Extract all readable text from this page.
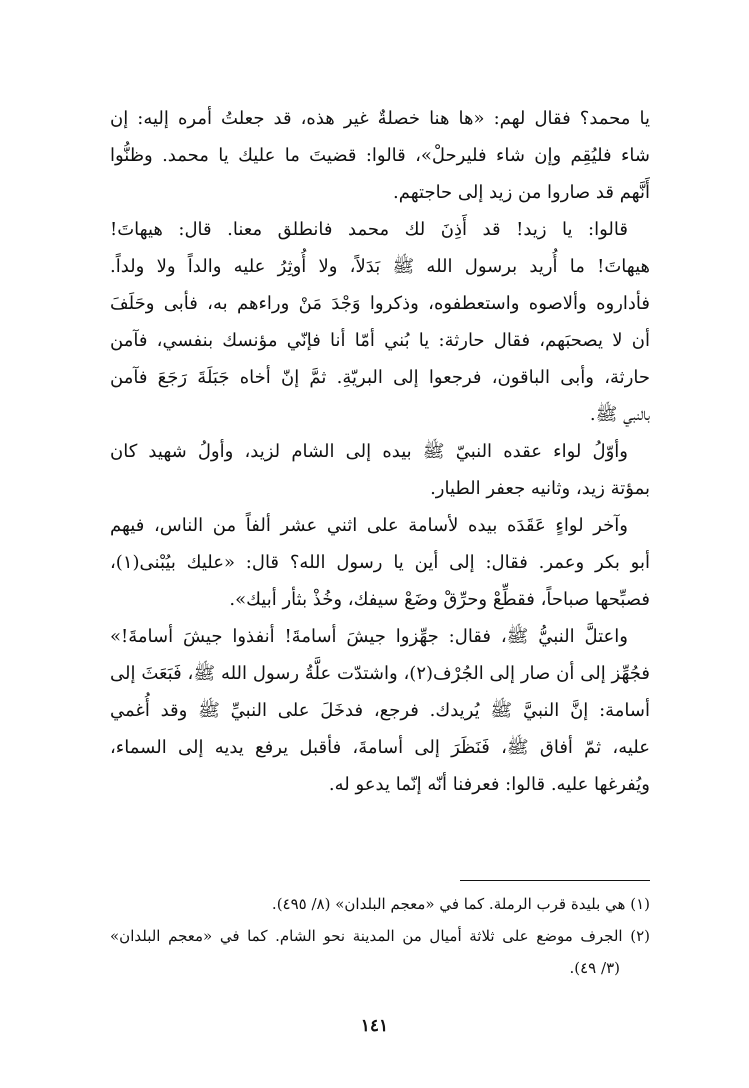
يا محمد؟ فقال لهم: «ها هنا خصلةٌ غير هذه، قد جعلتُ أمره إليه: إن
شاء فليُقِم وإن شاء فليرحلْ»، قالوا: قضيتَ ما عليك يا محمد. وظنُّوا
أَنَّهم قد صاروا من زيد إلى حاجتهم.
قالوا: يا زيد! قد أَذِنَ لك محمد فانطلق معنا. قال: هيهاتَ!
هيهاتَ! ما أُريد برسول الله ﷺ بَدَلاً، ولا أُوثِرُ عليه والداً ولا ولداً.
فأداروه وألاصوه واستعطفوه، وذكروا وَجْدَ مَنْ وراءهم به، فأبى وحَلَفَ
أن لا يصحبَهم، فقال حارثة: يا بُني أمّا أنا فإنّي مؤنسك بنفسي، فآمن
حارثة، وأبى الباقون، فرجعوا إلى البريّةِ. ثمَّ إنّ أخاه جَبَلَةَ رَجَعَ فآمن
بالنبي ﷺ.
وأوّلُ لواء عقده النبيّ ﷺ بيده إلى الشام لزيد، وأولُ شهيد كان
بمؤتة زيد، وثانيه جعفر الطيار.
وآخر لواءٍ عَقَدَه بيده لأسامة على اثني عشر ألفاً من الناس، فيهم
أبو بكر وعمر. فقال: إلى أين يا رسول الله؟ قال: «عليك بيُبْنى(١)،
فصبِّحها صباحاً، فقطِّعْ وحرِّقْ وضَعْ سيفك، وخُذْ بثأر أبيك».
واعتلَّ النبيُّ ﷺ، فقال: جهِّزوا جيشَ أسامةَ! أنفذوا جيشَ أسامةَ!»
فجُهِّز إلى أن صار إلى الجُرْف(٢)، واشتدّت علَّةُ رسول الله ﷺ، فَبَعَثَ إلى
أسامة: إنَّ النبيَّ ﷺ يُريدك. فرجع، فدخَلَ على النبيِّ ﷺ وقد أُغمي
عليه، ثمّ أفاق ﷺ، فَنَظَرَ إلى أسامةَ، فأقبل يرفع يديه إلى السماء،
ويُفرغها عليه. قالوا: فعرفنا أنّه إنّما يدعو له.
(١) هي بليدة قرب الرملة. كما في «معجم البلدان» (٨/ ٤٩٥).
(٢) الجرف موضع على ثلاثة أميال من المدينة نحو الشام. كما في «معجم البلدان»
(٣/ ٤٩).
١٤١
